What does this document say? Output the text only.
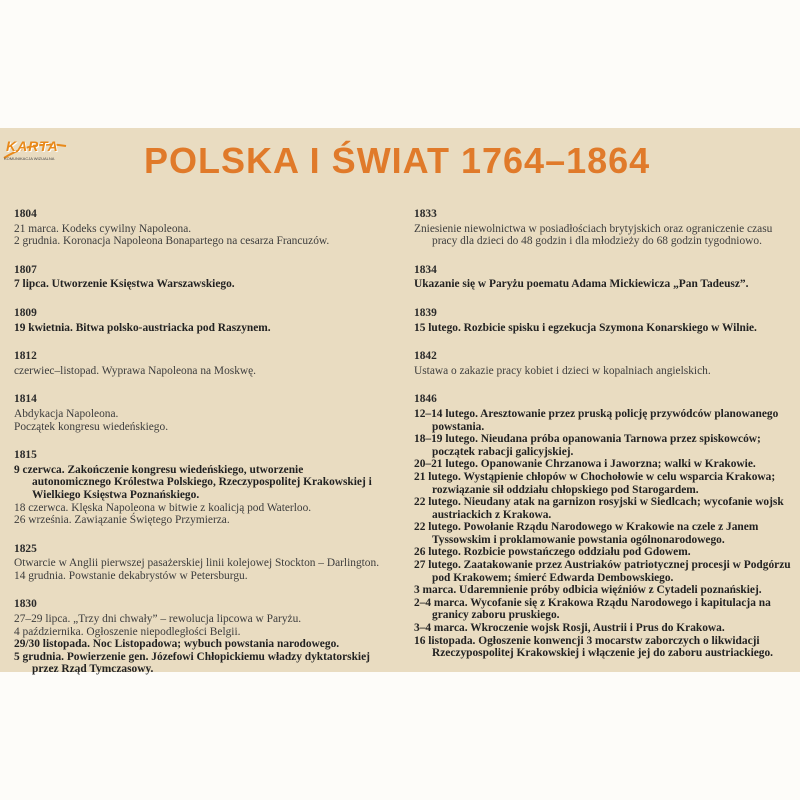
KARTA
KOMUNIKACJA WIZUALNA POLSKA I ŚWIAT 1764–1864
1804
21 marca. Kodeks cywilny Napoleona.
2 grudnia. Koronacja Napoleona Bonapartego na cesarza Francuzów.
1807
7 lipca. Utworzenie Księstwa Warszawskiego.
1809
19 kwietnia. Bitwa polsko-austriacka pod Raszynem.
1812
czerwiec–listopad. Wyprawa Napoleona na Moskwę.
1814
Abdykacja Napoleona.
Początek kongresu wiedeńskiego.
1815
9 czerwca. Zakończenie kongresu wiedeńskiego, utworzenie autonomicznego Królestwa Polskiego, Rzeczypospolitej Krakowskiej i Wielkiego Księstwa Poznańskiego.
18 czerwca. Klęska Napoleona w bitwie z koalicją pod Waterloo.
26 września. Zawiązanie Świętego Przymierza.
1825
Otwarcie w Anglii pierwszej pasażerskiej linii kolejowej Stockton – Darlington.
14 grudnia. Powstanie dekabrystów w Petersburgu.
1830
27–29 lipca. „Trzy dni chwały” – rewolucja lipcowa w Paryżu.
4 października. Ogłoszenie niepodległości Belgii.
29/30 listopada. Noc Listopadowa; wybuch powstania narodowego.
5 grudnia. Powierzenie gen. Józefowi Chłopickiemu władzy dyktatorskiej przez Rząd Tymczasowy.
1833
Zniesienie niewolnictwa w posiadłościach brytyjskich oraz ograniczenie czasu pracy dla dzieci do 48 godzin i dla młodzieży do 68 godzin tygodniowo.
1834
Ukazanie się w Paryżu poematu Adama Mickiewicza „Pan Tadeusz”.
1839
15 lutego. Rozbicie spisku i egzekucja Szymona Konarskiego w Wilnie.
1842
Ustawa o zakazie pracy kobiet i dzieci w kopalniach angielskich.
1846
12–14 lutego. Aresztowanie przez pruską policję przywódców planowanego powstania.
18–19 lutego. Nieudana próba opanowania Tarnowa przez spiskowców; początek rabacji galicyjskiej.
20–21 lutego. Opanowanie Chrzanowa i Jaworzna; walki w Krakowie.
21 lutego. Wystąpienie chłopów w Chochołowie w celu wsparcia Krakowa; rozwiązanie sił oddziału chłopskiego pod Starogardem.
22 lutego. Nieudany atak na garnizon rosyjski w Siedlcach; wycofanie wojsk austriackich z Krakowa.
22 lutego. Powołanie Rządu Narodowego w Krakowie na czele z Janem Tyssowskim i proklamowanie powstania ogólnonarodowego.
26 lutego. Rozbicie powstańczego oddziału pod Gdowem.
27 lutego. Zaatakowanie przez Austriaków patriotycznej procesji w Podgórzu pod Krakowem; śmierć Edwarda Dembowskiego.
3 marca. Udaremnienie próby odbicia więźniów z Cytadeli poznańskiej.
2–4 marca. Wycofanie się z Krakowa Rządu Narodowego i kapitulacja na granicy zaboru pruskiego.
3–4 marca. Wkroczenie wojsk Rosji, Austrii i Prus do Krakowa.
16 listopada. Ogłoszenie konwencji 3 mocarstw zaborczych o likwidacji Rzeczypospolitej Krakowskiej i włączenie jej do zaboru austriackiego.
